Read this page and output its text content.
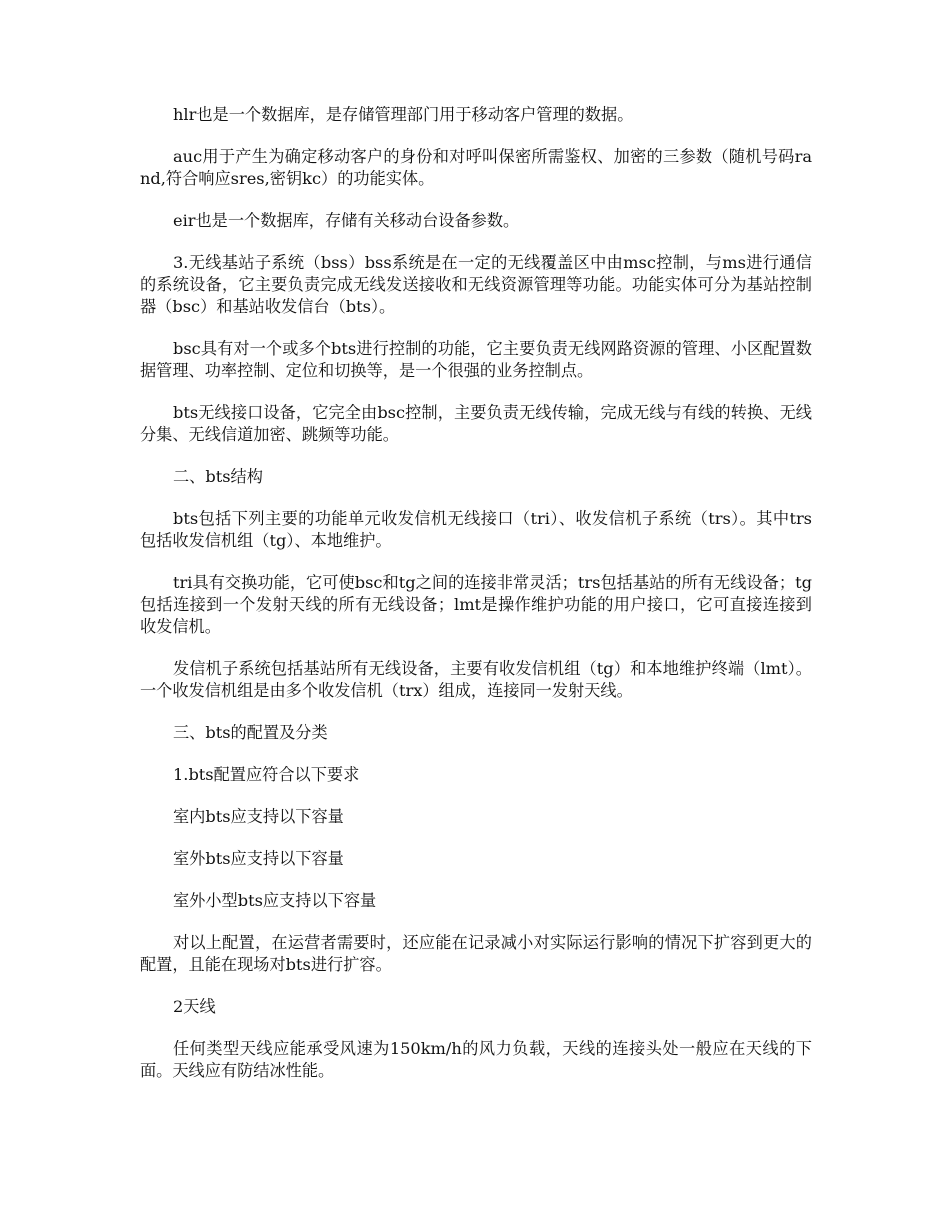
hlr也是一个数据库，是存储管理部门用于移动客户管理的数据。

auc用于产生为确定移动客户的身份和对呼叫保密所需鉴权、加密的三参数（随机号码rand,符合响应sres,密钥kc）的功能实体。

eir也是一个数据库，存储有关移动台设备参数。

3.无线基站子系统（bss）bss系统是在一定的无线覆盖区中由msc控制，与ms进行通信的系统设备，它主要负责完成无线发送接收和无线资源管理等功能。功能实体可分为基站控制器（bsc）和基站收发信台（bts）。

bsc具有对一个或多个bts进行控制的功能，它主要负责无线网路资源的管理、小区配置数据管理、功率控制、定位和切换等，是一个很强的业务控制点。

bts无线接口设备，它完全由bsc控制，主要负责无线传输，完成无线与有线的转换、无线分集、无线信道加密、跳频等功能。

二、bts结构

bts包括下列主要的功能单元收发信机无线接口（tri）、收发信机子系统（trs）。其中trs包括收发信机组（tg）、本地维护。

tri具有交换功能，它可使bsc和tg之间的连接非常灵活；trs包括基站的所有无线设备；tg包括连接到一个发射天线的所有无线设备；lmt是操作维护功能的用户接口，它可直接连接到收发信机。

发信机子系统包括基站所有无线设备，主要有收发信机组（tg）和本地维护终端（lmt）。一个收发信机组是由多个收发信机（trx）组成，连接同一发射天线。

三、bts的配置及分类

1.bts配置应符合以下要求

室内bts应支持以下容量

室外bts应支持以下容量

室外小型bts应支持以下容量

对以上配置，在运营者需要时，还应能在记录减小对实际运行影响的情况下扩容到更大的配置，且能在现场对bts进行扩容。

2天线

任何类型天线应能承受风速为150km/h的风力负载，天线的连接头处一般应在天线的下面。天线应有防结冰性能。
